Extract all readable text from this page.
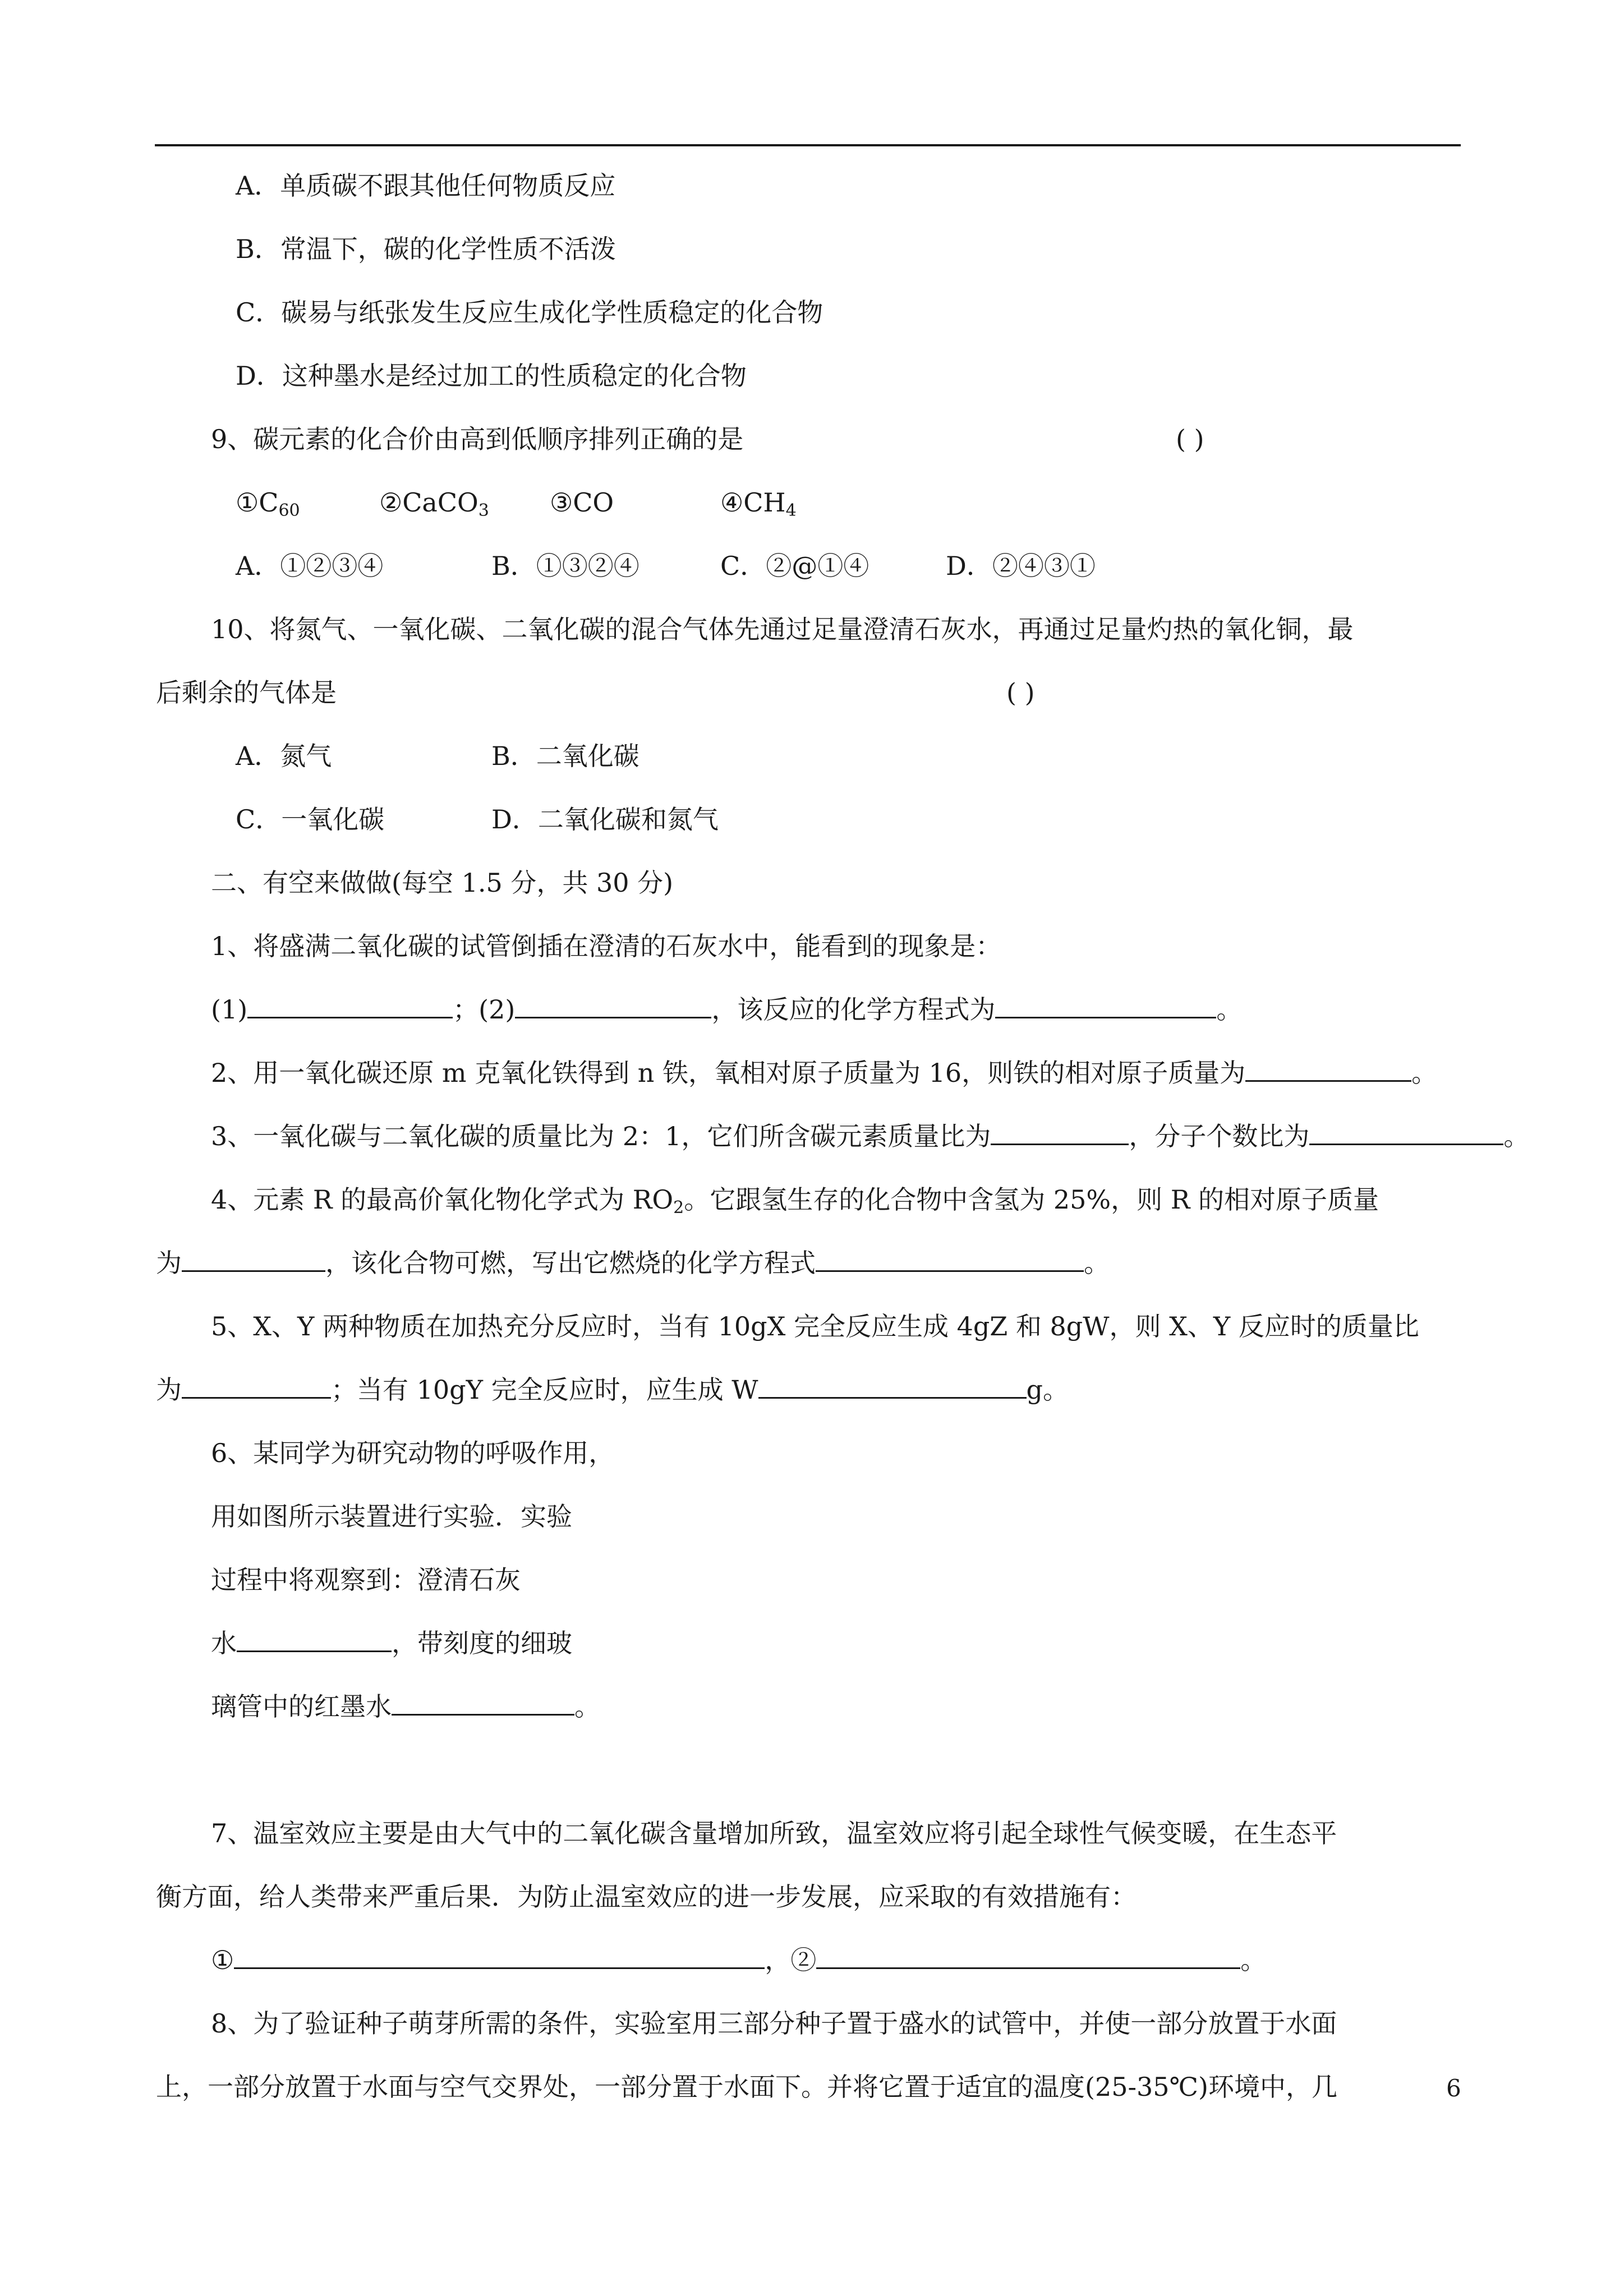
A．单质碳不跟其他任何物质反应
B．常温下，碳的化学性质不活泼
C．碳易与纸张发生反应生成化学性质稳定的化合物
D．这种墨水是经过加工的性质稳定的化合物
9、碳元素的化合价由高到低顺序排列正确的是	( )
$①C_{60}$	②CaCO$_3$ ③CO	$④CH_4$
A．①②③④	B．①③②④	C．②@①④	D．②④③①
10、将氮气、一氧化碳、二氧化碳的混合气体先通过足量澄清石灰水，再通过足量灼热的氧化铜，最
后剩余的气体是	( )
A．氮气	B．二氧化碳
C．一氧化碳	D．二氧化碳和氮气
二、有空来做做(每空 1.5 分，共 30 分)
1、将盛满二氧化碳的试管倒插在澄清的石灰水中，能看到的现象是：
(1)	；(2)	，该反应的化学方程式为	。
2、用一氧化碳还原 m 克氧化铁得到 n 铁，氧相对原子质量为 16，则铁的相对原子质量为	。
3、一氧化碳与二氧化碳的质量比为 2：1，它们所含碳元素质量比为	，分子个数比为	。
4、元素 R 的最高价氧化物化学式为 $RO_2$。它跟氢生存的化合物中含氢为 25%，则 R 的相对原子质量
为	，该化合物可燃，写出它燃烧的化学方程式	。
5、X、Y 两种物质在加热充分反应时，当有 10gX 完全反应生成 4gZ 和 8gW，则 X、Y 反应时的质量比
为	；当有 10gY 完全反应时，应生成 W	g。
6、某同学为研究动物的呼吸作用，
用如图所示装置进行实验．实验
过程中将观察到：澄清石灰
水	，带刻度的细玻
璃管中的红墨水	。
7、温室效应主要是由大气中的二氧化碳含量增加所致，温室效应将引起全球性气候变暖，在生态平
衡方面，给人类带来严重后果．为防止温室效应的进一步发展，应采取的有效措施有：
①	，②	。
8、为了验证种子萌芽所需的条件，实验室用三部分种子置于盛水的试管中，并使一部分放置于水面
上，一部分放置于水面与空气交界处，一部分置于水面下。并将它置于适宜的温度(25-35℃)环境中，几	6
